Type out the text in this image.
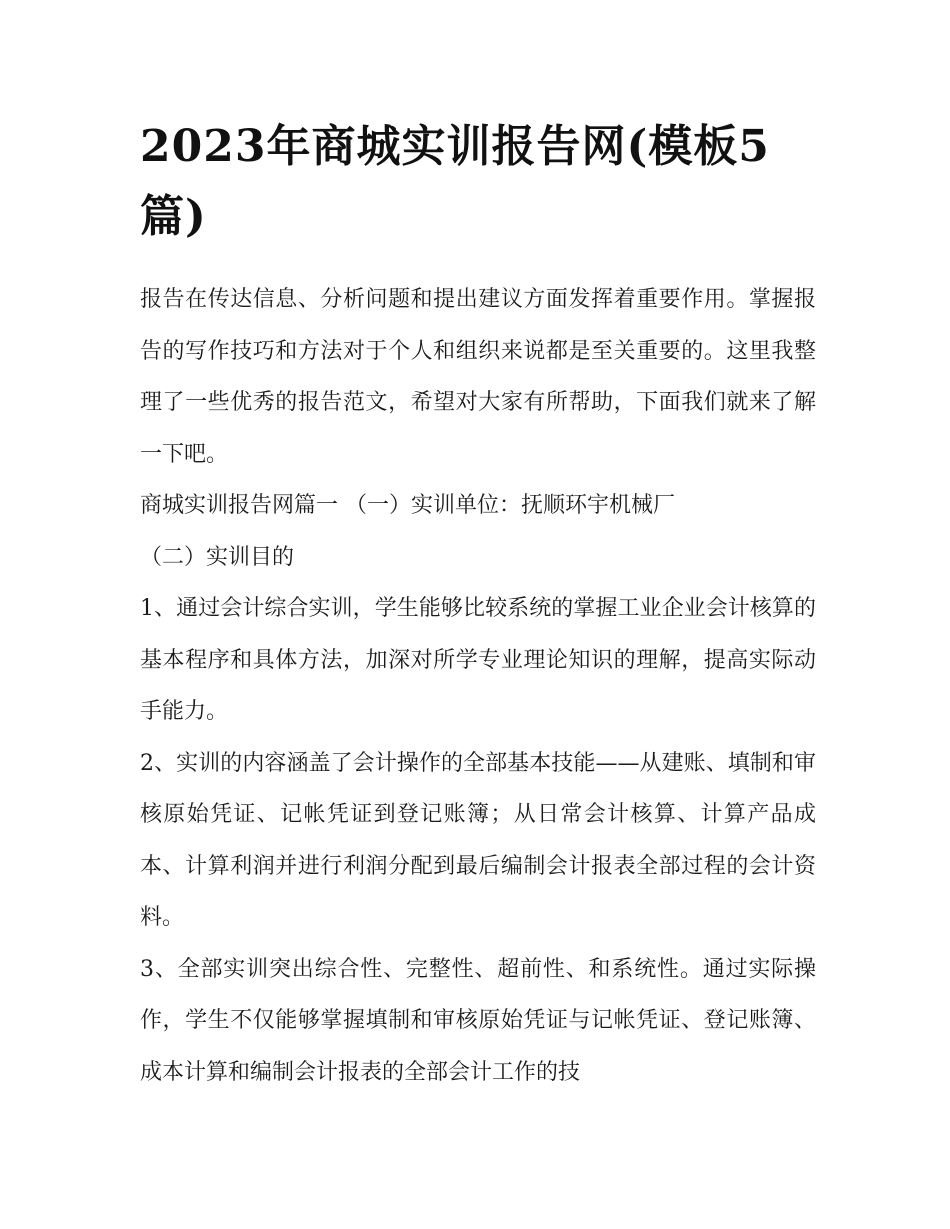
2023年商城实训报告网(模板5篇)

报告在传达信息、分析问题和提出建议方面发挥着重要作用。掌握报告的写作技巧和方法对于个人和组织来说都是至关重要的。这里我整理了一些优秀的报告范文，希望对大家有所帮助，下面我们就来了解一下吧。

商城实训报告网篇一 （一）实训单位：抚顺环宇机械厂

（二）实训目的

1、通过会计综合实训，学生能够比较系统的掌握工业企业会计核算的基本程序和具体方法，加深对所学专业理论知识的理解，提高实际动手能力。

2、实训的内容涵盖了会计操作的全部基本技能——从建账、填制和审核原始凭证、记帐凭证到登记账簿；从日常会计核算、计算产品成本、计算利润并进行利润分配到最后编制会计报表全部过程的会计资料。

3、全部实训突出综合性、完整性、超前性、和系统性。通过实际操作，学生不仅能够掌握填制和审核原始凭证与记帐凭证、登记账簿、成本计算和编制会计报表的全部会计工作的技
